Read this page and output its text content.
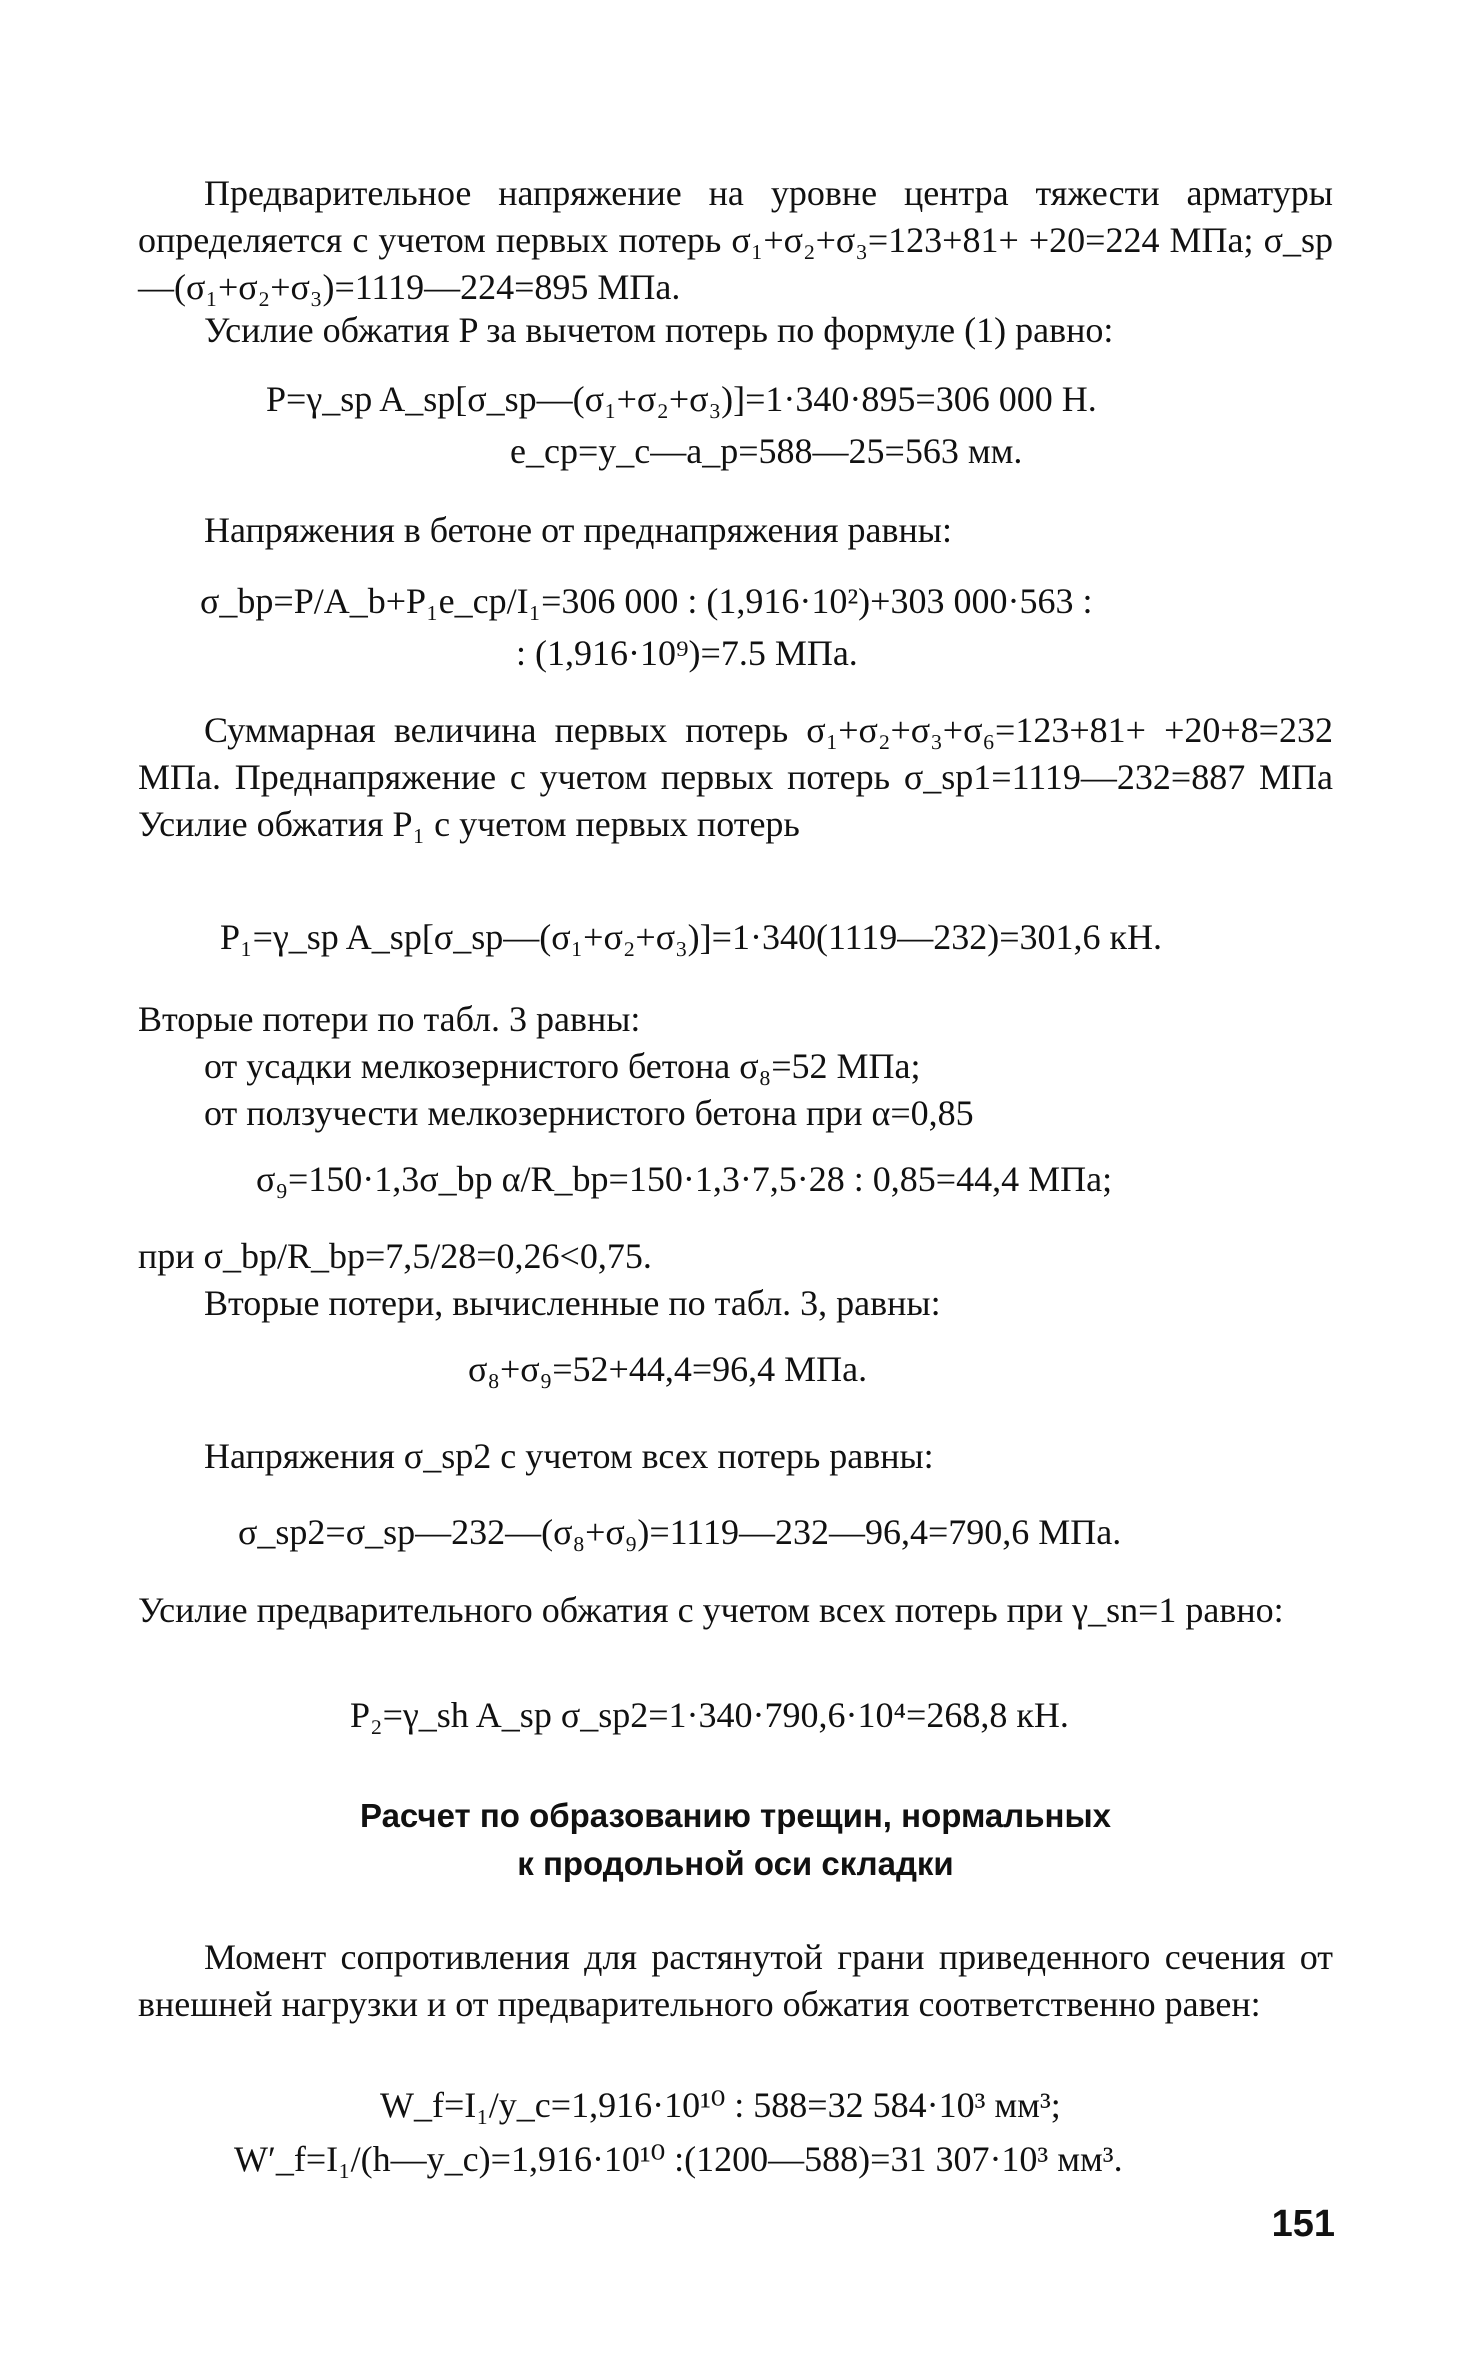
Предварительное напряжение на уровне центра тяжести арматуры определяется с учетом первых потерь σ₁+σ₂+σ₃=123+81+ +20=224 МПа; σ_sp—(σ₁+σ₂+σ₃)=1119—224=895 МПа.
Усилие обжатия P за вычетом потерь по формуле (1) равно:
P=γ_sp A_sp[σ_sp—(σ₁+σ₂+σ₃)]=1·340·895=306 000 Н.
e_cp=y_c—a_p=588—25=563 мм.
Напряжения в бетоне от преднапряжения равны:
σ_bp=P/A_b+P₁e_cp/I₁=306 000 : (1,916·10²)+303 000·563 :
: (1,916·10⁹)=7.5 МПа.
Суммарная величина первых потерь σ₁+σ₂+σ₃+σ₆=123+81+ +20+8=232 МПа. Преднапряжение с учетом первых потерь σ_sp1=1119—232=887 МПа Усилие обжатия P₁ с учетом первых потерь
P₁=γ_sp A_sp[σ_sp—(σ₁+σ₂+σ₃)]=1·340(1119—232)=301,6 кН.
Вторые потери по табл. 3 равны:
от усадки мелкозернистого бетона σ₈=52 МПа;
от ползучести мелкозернистого бетона при α=0,85
σ₉=150·1,3σ_bp α/R_bp=150·1,3·7,5·28 : 0,85=44,4 МПа;
при σ_bp/R_bp=7,5/28=0,26<0,75.
Вторые потери, вычисленные по табл. 3, равны:
σ₈+σ₉=52+44,4=96,4 МПа.
Напряжения σ_sp2 с учетом всех потерь равны:
σ_sp2=σ_sp—232—(σ₈+σ₉)=1119—232—96,4=790,6 МПа.
Усилие предварительного обжатия с учетом всех потерь при γ_sn=1 равно:
P₂=γ_sh A_sp σ_sp2=1·340·790,6·10⁴=268,8 кН.
Расчет по образованию трещин, нормальных
к продольной оси складки
Момент сопротивления для растянутой грани приведенного сечения от внешней нагрузки и от предварительного обжатия соответственно равен:
W_f=I₁/y_c=1,916·10¹⁰ : 588=32 584·10³ мм³;
W′_f=I₁/(h—y_c)=1,916·10¹⁰ :(1200—588)=31 307·10³ мм³.
151
